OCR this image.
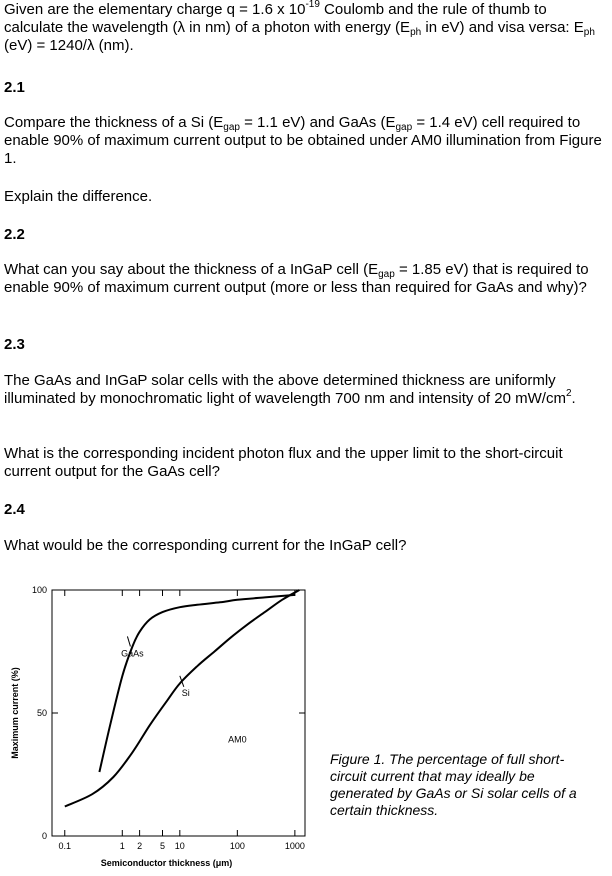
Given are the elementary charge q = 1.6 x $10^{-19}$ Coulomb and the rule of thumb to calculate the wavelength (λ in nm) of a photon with energy ($E_{ph}$ in eV) and visa versa: $E_{ph}$ (eV) = 1240/λ (nm).

2.1

Compare the thickness of a Si ($E_{gap} = 1.1$ eV) and GaAs ($E_{gap} = 1.4$ eV) cell required to enable 90% of maximum current output to be obtained under AM0 illumination from Figure 1.

Explain the difference.

2.2

What can you say about the thickness of a InGaP cell ($E_{gap} = 1.85$ eV) that is required to enable 90% of maximum current output (more or less than required for GaAs and why)?

2.3

The GaAs and InGaP solar cells with the above determined thickness are uniformly illuminated by monochromatic light of wavelength 700 nm and intensity of 20 $mW/cm^2$.

What is the corresponding incident photon flux and the upper limit to the short-circuit current output for the GaAs cell?

2.4

What would be the corresponding current for the InGaP cell?

0.1	1 2 5 10	100	1000
0
50
100
GaAs
Si
AM0
Semiconductor thickness (μm)
Maximum current (%)

Figure 1. The percentage of full short-circuit current that may ideally be generated by GaAs or Si solar cells of a certain thickness.
